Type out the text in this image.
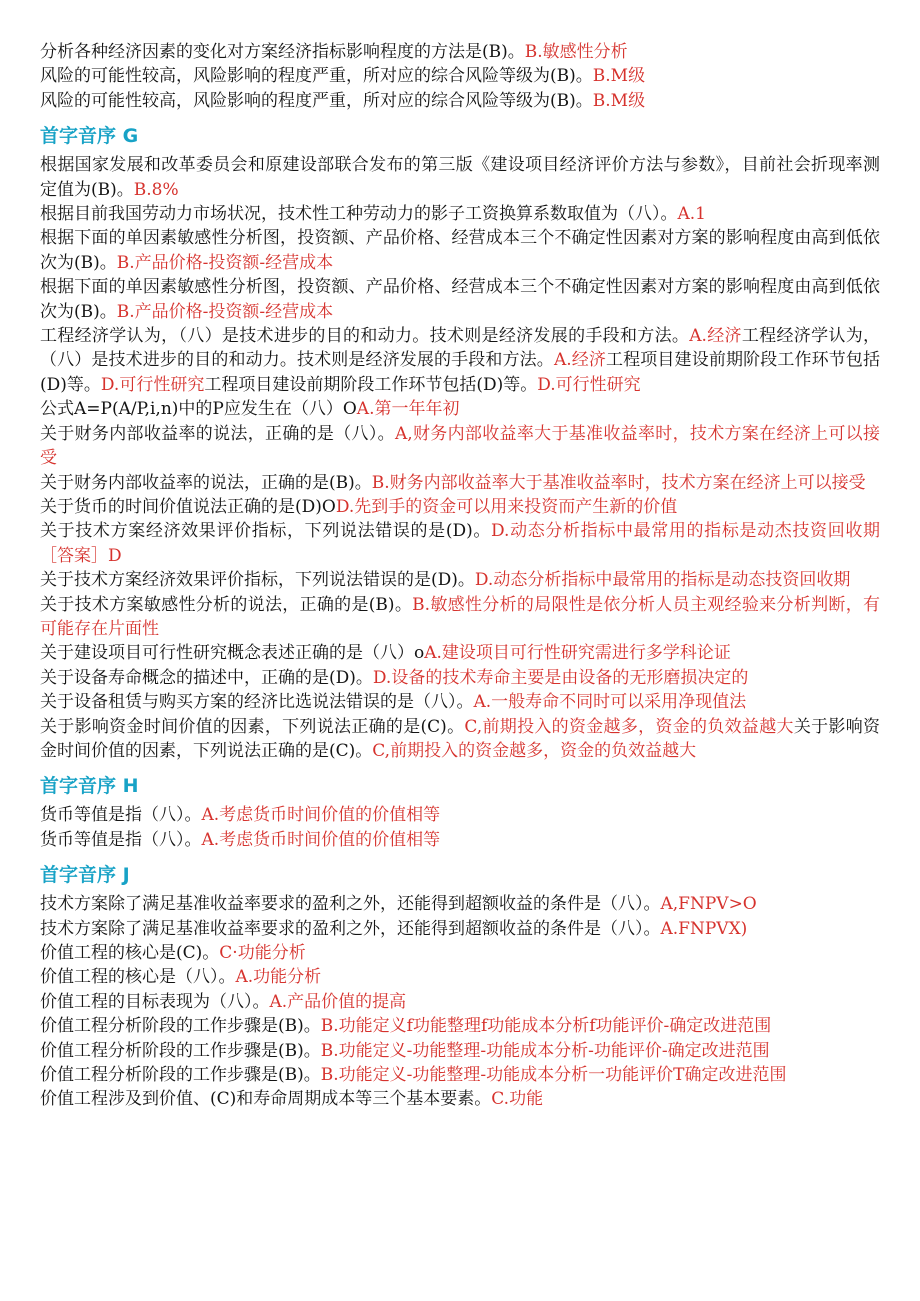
分析各种经济因素的变化对方案经济指标影响程度的方法是(B)。B.敏感性分析

风险的可能性较高，风险影响的程度严重，所对应的综合风险等级为(B)。B.M级

风险的可能性较高，风险影响的程度严重，所对应的综合风险等级为(B)。B.M级

首字音序 G

根据国家发展和改革委员会和原建设部联合发布的第三版《建设项目经济评价方法与参数》，目前社会折现率测定值为(B)。B.8%

根据目前我国劳动力市场状况，技术性工种劳动力的影子工资换算系数取值为（八）。A.1

根据下面的单因素敏感性分析图，投资额、产品价格、经营成本三个不确定性因素对方案的影响程度由高到低依次为(B)。B.产品价格-投资额-经营成本

根据下面的单因素敏感性分析图，投资额、产品价格、经营成本三个不确定性因素对方案的影响程度由高到低依次为(B)。B.产品价格-投资额-经营成本

工程经济学认为，（八）是技术进步的目的和动力。技术则是经济发展的手段和方法。A.经济工程经济学认为，（八）是技术进步的目的和动力。技术则是经济发展的手段和方法。A.经济工程项目建设前期阶段工作环节包括(D)等。D.可行性研究工程项目建设前期阶段工作环节包括(D)等。D.可行性研究

公式A=P(A/P,i,n)中的P应发生在（八）OA.第一年年初

关于财务内部收益率的说法，正确的是（八）。A,财务内部收益率大于基准收益率时，技术方案在经济上可以接受

关于财务内部收益率的说法，正确的是(B)。B.财务内部收益率大于基准收益率时，技术方案在经济上可以接受

关于货币的时间价值说法正确的是(D)OD.先到手的资金可以用来投资而产生新的价值

关于技术方案经济效果评价指标，下列说法错误的是(D)。D.动态分析指标中最常用的指标是动杰技资回收期［答案］D

关于技术方案经济效果评价指标，下列说法错误的是(D)。D.动态分析指标中最常用的指标是动态技资回收期

关于技术方案敏感性分析的说法，正确的是(B)。B.敏感性分析的局限性是依分析人员主观经验来分析判断，有可能存在片面性

关于建设项目可行性研究概念表述正确的是（八）oA.建设项目可行性研究需进行多学科论证

关于设备寿命概念的描述中，正确的是(D)。D.设备的技术寿命主要是由设备的无形磨损决定的

关于设备租赁与购买方案的经济比选说法错误的是（八）。A.一般寿命不同时可以采用净现值法

关于影响资金时间价值的因素，下列说法正确的是(C)。C,前期投入的资金越多，资金的负效益越大关于影响资金时间价值的因素，下列说法正确的是(C)。C,前期投入的资金越多，资金的负效益越大

首字音序 H

货币等值是指（八）。A.考虑货币时间价值的价值相等

货币等值是指（八）。A.考虑货币时间价值的价值相等

首字音序 J

技术方案除了满足基准收益率要求的盈利之外，还能得到超额收益的条件是（八）。A,FNPV>O

技术方案除了满足基准收益率要求的盈利之外，还能得到超额收益的条件是（八）。A.FNPVX)

价值工程的核心是(C)。C·功能分析

价值工程的核心是（八）。A.功能分析

价值工程的目标表现为（八）。A.产品价值的提高

价值工程分析阶段的工作步骤是(B)。B.功能定义f功能整理f功能成本分析f功能评价-确定改进范围

价值工程分析阶段的工作步骤是(B)。B.功能定义-功能整理-功能成本分析-功能评价-确定改进范围

价值工程分析阶段的工作步骤是(B)。B.功能定义-功能整理-功能成本分析一功能评价T确定改进范围

价值工程涉及到价值、(C)和寿命周期成本等三个基本要素。C.功能
